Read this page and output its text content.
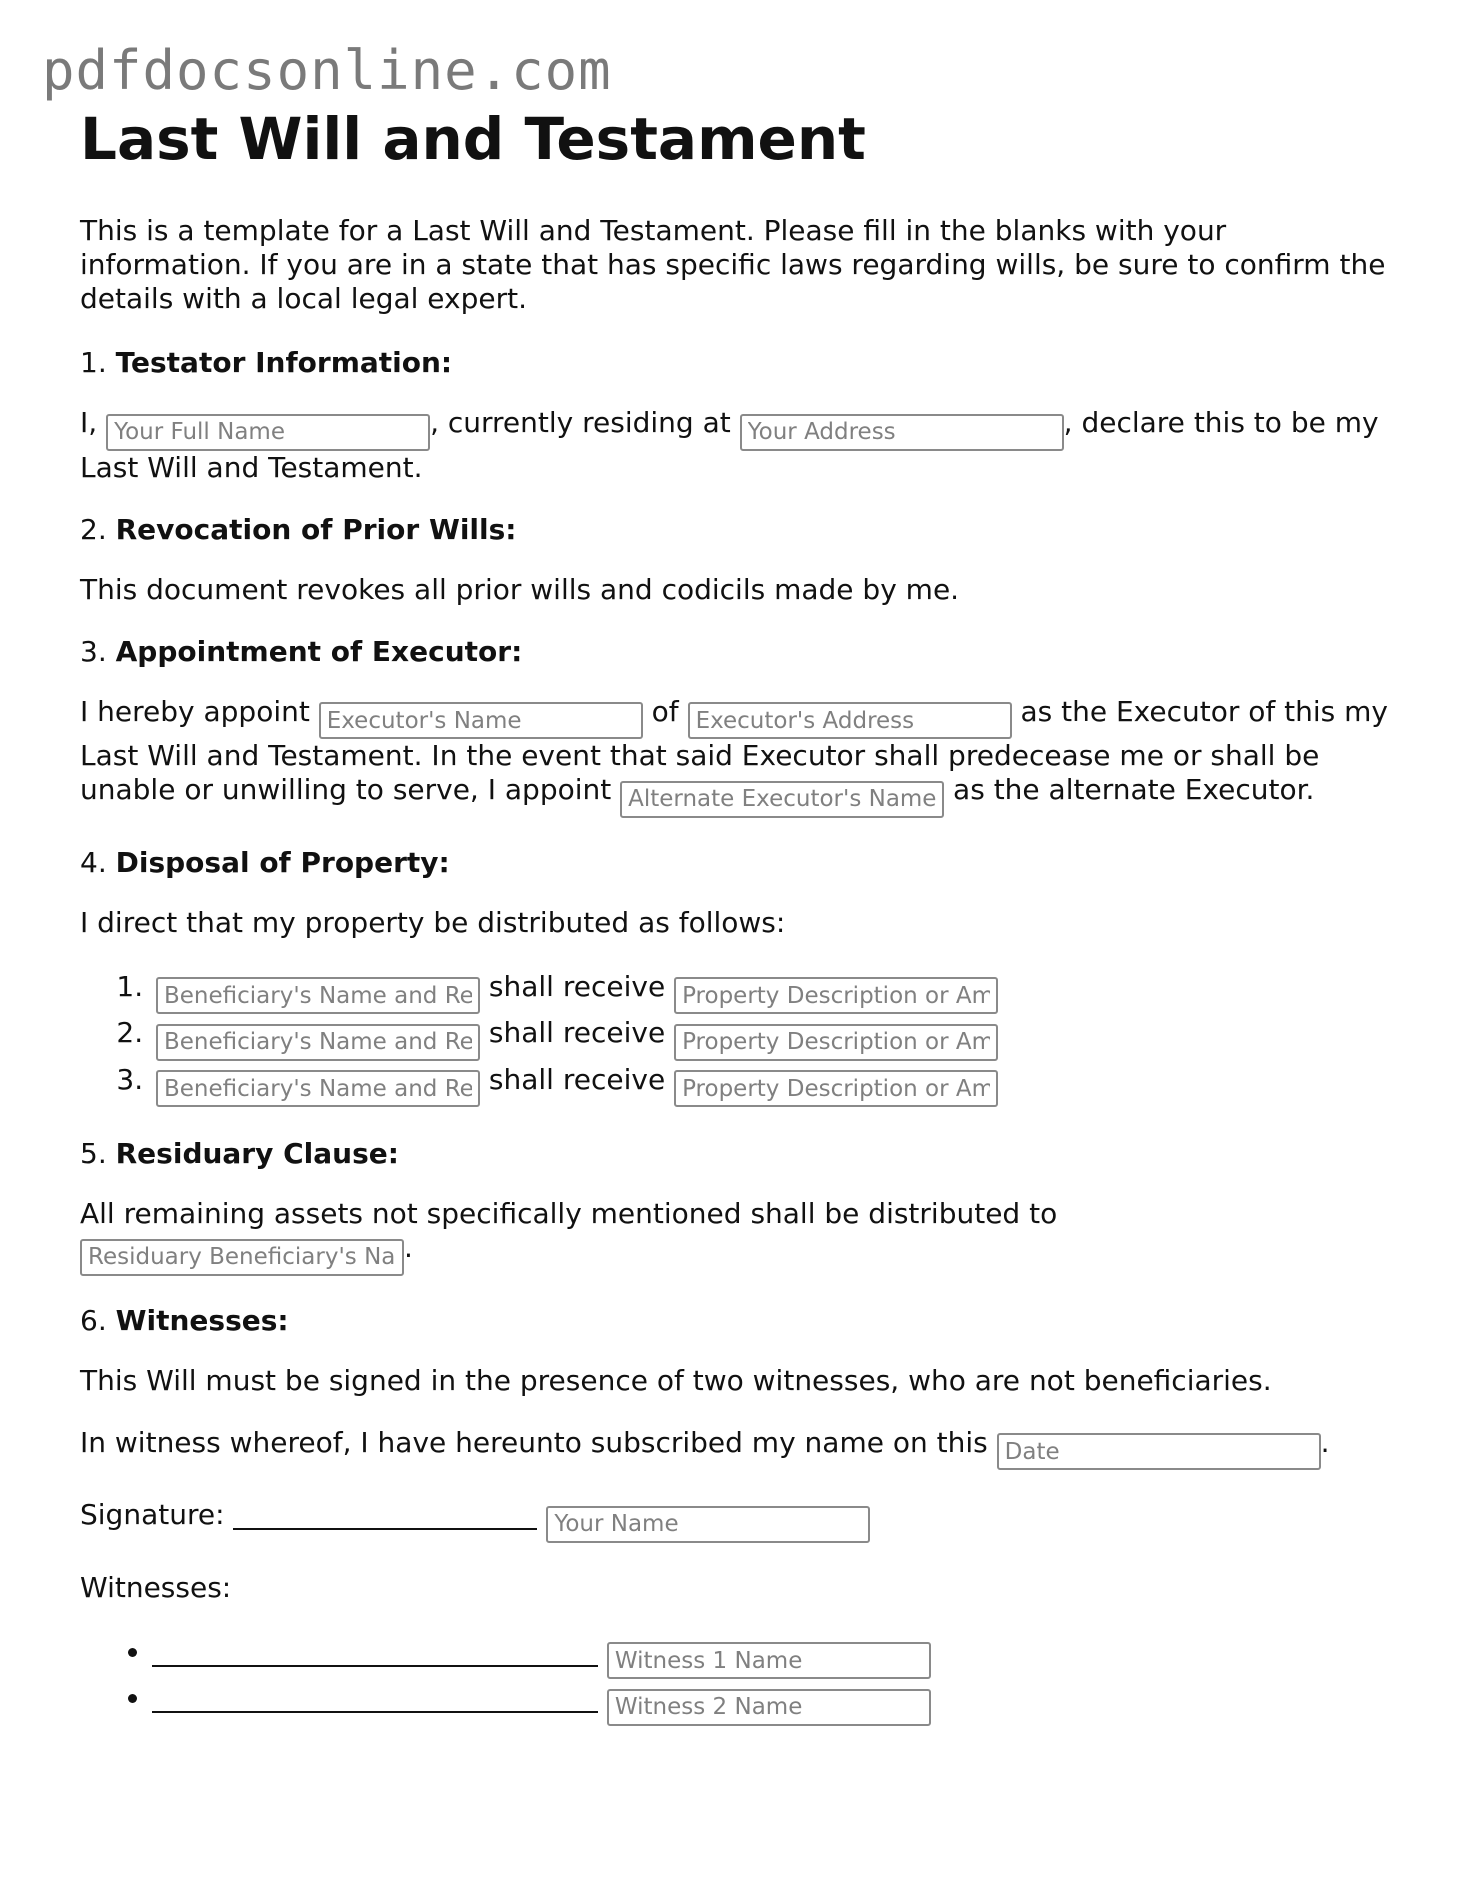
pdfdocsonline.com
Last Will and Testament

This is a template for a Last Will and Testament. Please fill in the blanks with your information. If you are in a state that has specific laws regarding wills, be sure to confirm the details with a local legal expert.

1. Testator Information:

I, Your Full Name	, currently residing at Your Address	, declare this to be my Last Will and Testament.

2. Revocation of Prior Wills:

This document revokes all prior wills and codicils made by me.

3. Appointment of Executor:

I hereby appoint Executor's Name	of Executor's Address	as the Executor of this my Last Will and Testament. In the event that said Executor shall predecease me or shall be unable or unwilling to serve, I appoint Alternate Executor's Name	as the alternate Executor.

4. Disposal of Property:

I direct that my property be distributed as follows:

Beneficiary's Name and Relationship 1. shall receive Property Description or Amount
Beneficiary's Name and Relationship 2. shall receive Property Description or Amount
Beneficiary's Name and Relationship 3. shall receive Property Description or Amount
5. Residuary Clause:

All remaining assets not specifically mentioned shall be distributed to
Residuary Beneficiary's Name.

6. Witnesses:

This Will must be signed in the presence of two witnesses, who are not beneficiaries.

In witness whereof, I have hereunto subscribed my name on this Date	.

Signature:  Your Name

Witnesses:

•  Witness 1 Name
•  Witness 2 Name
